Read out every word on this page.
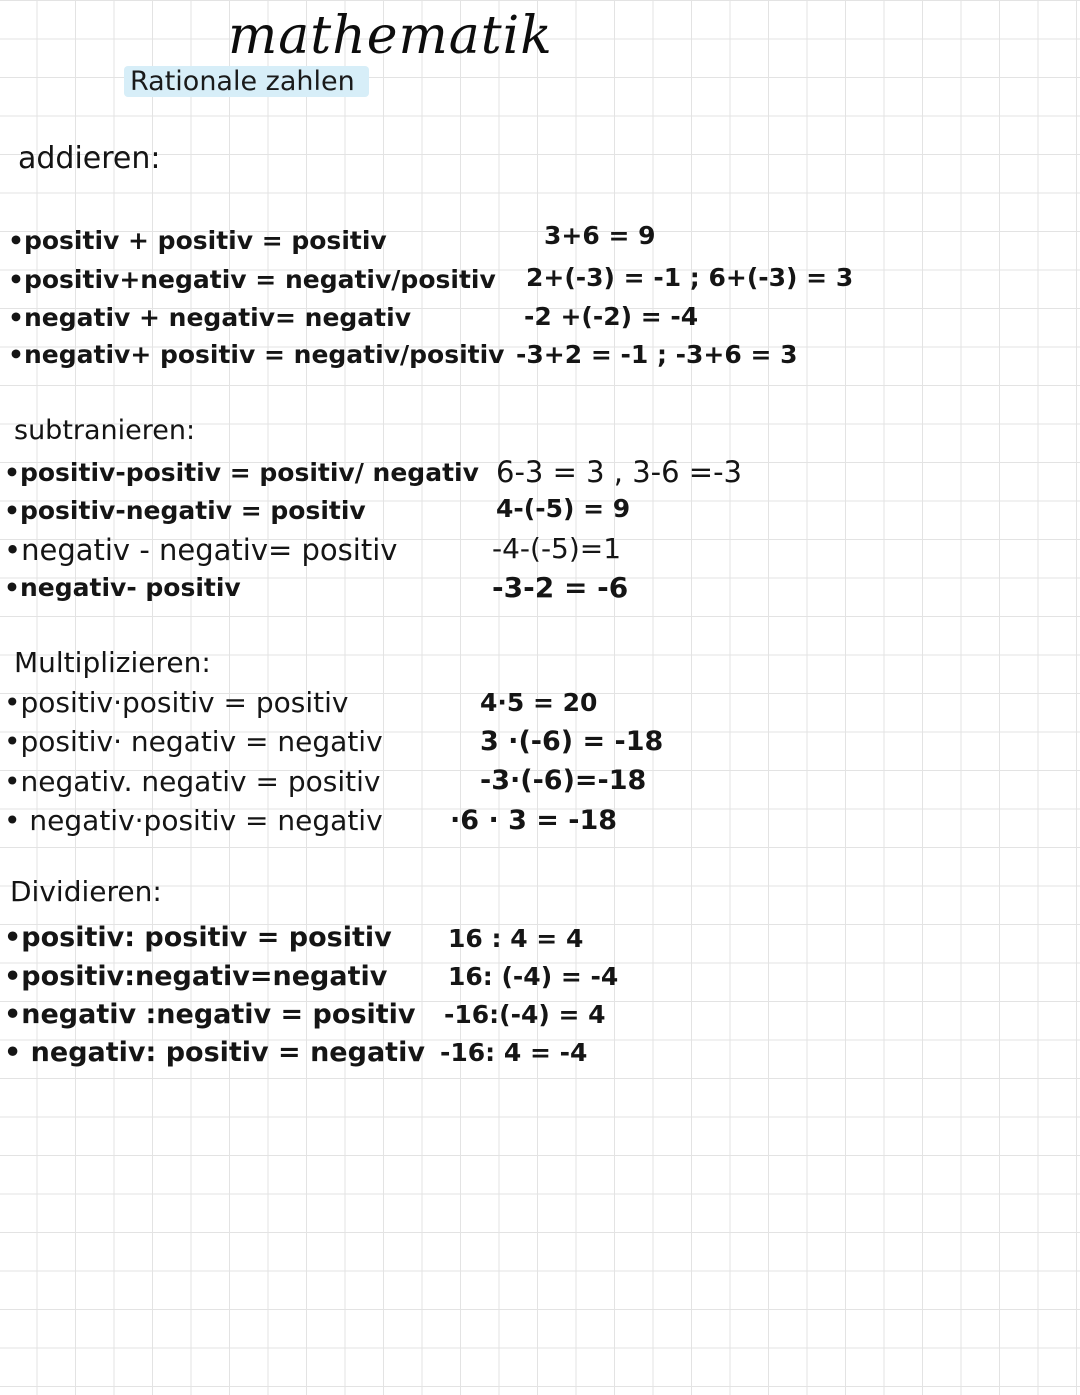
mathematik
Rationale zahlen
addieren:
•positiv + positiv = positiv
•positiv+negativ = negativ/positiv
•negativ + negativ= negativ
•negativ+ positiv = negativ/positiv
3+6 = 9
2+(-3) = -1 ; 6+(-3) = 3
-2 +(-2) = -4
-3+2 = -1 ; -3+6 = 3
subtranieren:
•positiv-positiv = positiv/ negativ
•positiv-negativ = positiv
•negativ - negativ= positiv
•negativ- positiv
6-3 = 3 , 3-6 =-3
4-(-5) = 9
-4-(-5)=1
-3-2 = -6
Multiplizieren:
•positiv·positiv = positiv
•positiv· negativ = negativ
•negativ. negativ = positiv
• negativ·positiv = negativ
4·5 = 20
3 ·(-6) = -18
-3·(-6)=-18
·6 · 3 = -18
Dividieren:
•positiv: positiv = positiv
•positiv:negativ=negativ
•negativ :negativ = positiv
• negativ: positiv = negativ
16 : 4 = 4
16: (-4) = -4
-16:(-4) = 4
-16: 4 = -4
